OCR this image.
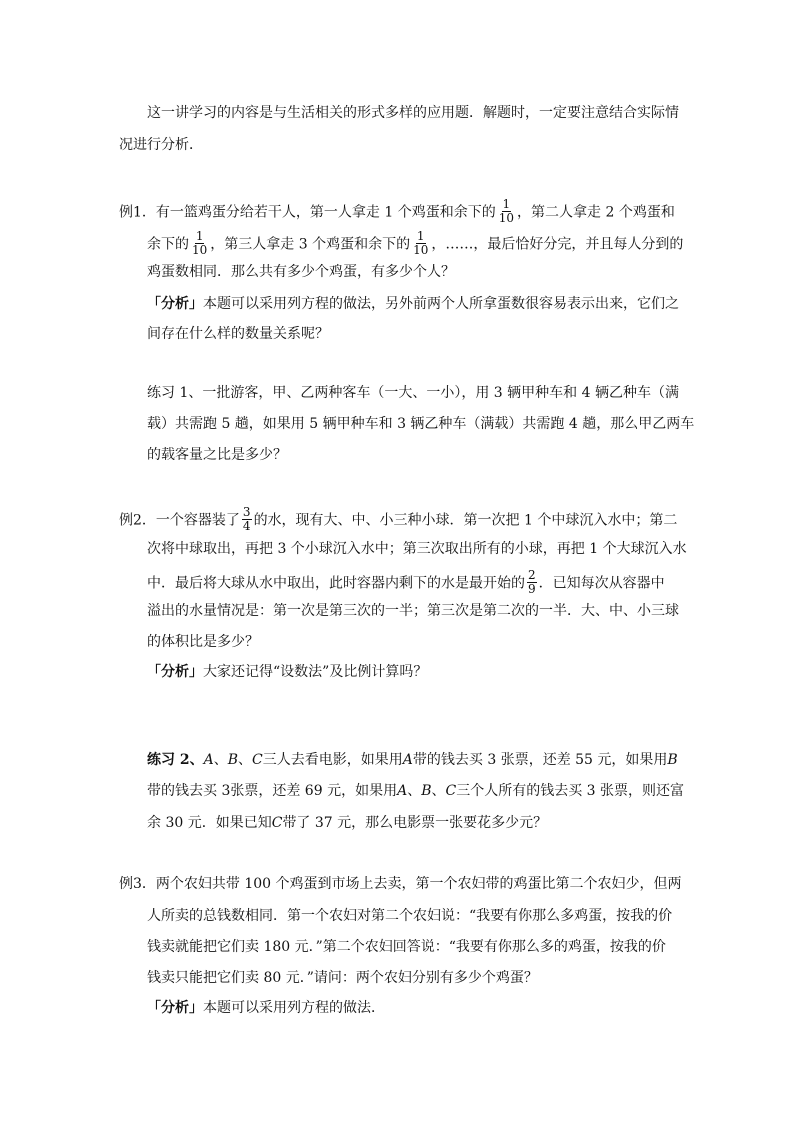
这一讲学习的内容是与生活相关的形式多样的应用题．解题时，一定要注意结合实际情
况进行分析．
例1．有一篮鸡蛋分给若干人，第一人拿走 1 个鸡蛋和余下的 $\frac{1}{10}$ ，第二人拿走 2 个鸡蛋和
余下的 $\frac{1}{10}$ ，第三人拿走 3 个鸡蛋和余下的 $\frac{1}{10}$ ，……，最后恰好分完，并且每人分到的
鸡蛋数相同．那么共有多少个鸡蛋，有多少个人？
「分析」本题可以采用列方程的做法，另外前两个人所拿蛋数很容易表示出来，它们之
间存在什么样的数量关系呢？
练习 1、一批游客，甲、乙两种客车（一大、一小），用 3 辆甲种车和 4 辆乙种车（满
载）共需跑 5 趟，如果用 5 辆甲种车和 3 辆乙种车（满载）共需跑 4 趟，那么甲乙两车
的载客量之比是多少？
例2．一个容器装了 $\frac{3}{4}$ 的水，现有大、中、小三种小球．第一次把 1 个中球沉入水中；第二
次将中球取出，再把 3 个小球沉入水中；第三次取出所有的小球，再把 1 个大球沉入水
中．最后将大球从水中取出，此时容器内剩下的水是最开始的 $\frac{2}{9}$ ．已知每次从容器中
溢出的水量情况是：第一次是第三次的一半；第三次是第二次的一半．大、中、小三球
的体积比是多少？
「分析」大家还记得“设数法”及比例计算吗？
练习 2、A、B、C三人去看电影，如果用A带的钱去买 3 张票，还差 55 元，如果用B
带的钱去买 3张票，还差 69 元，如果用A、B、C三个人所有的钱去买 3 张票，则还富
余 30 元．如果已知C带了 37 元，那么电影票一张要花多少元？
例3．两个农妇共带 100 个鸡蛋到市场上去卖，第一个农妇带的鸡蛋比第二个农妇少，但两
人所卖的总钱数相同．第一个农妇对第二个农妇说：“我要有你那么多鸡蛋，按我的价
钱卖就能把它们卖 180 元．”第二个农妇回答说：“我要有你那么多的鸡蛋，按我的价
钱卖只能把它们卖 80 元．”请问：两个农妇分别有多少个鸡蛋？
「分析」本题可以采用列方程的做法．
